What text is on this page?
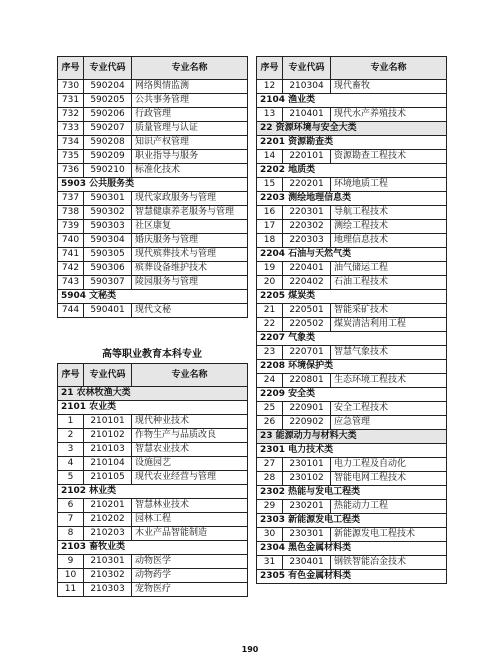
序号	专业代码	专业名称
730	590204	网络舆情监测
731	590205	公共事务管理
732	590206	行政管理
733	590207	质量管理与认证
734	590208	知识产权管理
735	590209	职业指导与服务
736	590210	标准化技术
5903 公共服务类		
737	590301	现代家政服务与管理
738	590302	智慧健康养老服务与管理
739	590303	社区康复
740	590304	婚庆服务与管理
741	590305	现代殡葬技术与管理
742	590306	殡葬设备维护技术
743	590307	陵园服务与管理
5904 文秘类		
744	590401	现代文秘
高等职业教育本科专业
序号	专业代码	专业名称
21 农林牧渔大类		
2101 农业类		
1	210101	现代种业技术
2	210102	作物生产与品质改良
3	210103	智慧农业技术
4	210104	设施园艺
5	210105	现代农业经营与管理
2102 林业类		
6	210201	智慧林业技术
7	210202	园林工程
8	210203	木业产品智能制造
2103 畜牧业类		
9	210301	动物医学
10	210302	动物药学
11	210303	宠物医疗
序号	专业代码	专业名称
12	210304	现代畜牧
2104 渔业类		
13	210401	现代水产养殖技术
22 资源环境与安全大类		
2201 资源勘查类		
14	220101	资源勘查工程技术
2202 地质类		
15	220201	环境地质工程
2203 测绘地理信息类		
16	220301	导航工程技术
17	220302	测绘工程技术
18	220303	地理信息技术
2204 石油与天然气类		
19	220401	油气储运工程
20	220402	石油工程技术
2205 煤炭类		
21	220501	智能采矿技术
22	220502	煤炭清洁利用工程
2207 气象类		
23	220701	智慧气象技术
2208 环境保护类		
24	220801	生态环境工程技术
2209 安全类		
25	220901	安全工程技术
26	220902	应急管理
23 能源动力与材料大类		
2301 电力技术类		
27	230101	电力工程及自动化
28	230102	智能电网工程技术
2302 热能与发电工程类		
29	230201	热能动力工程
2303 新能源发电工程类		
30	230301	新能源发电工程技术
2304 黑色金属材料类		
31	230401	钢铁智能冶金技术
2305 有色金属材料类		
190
